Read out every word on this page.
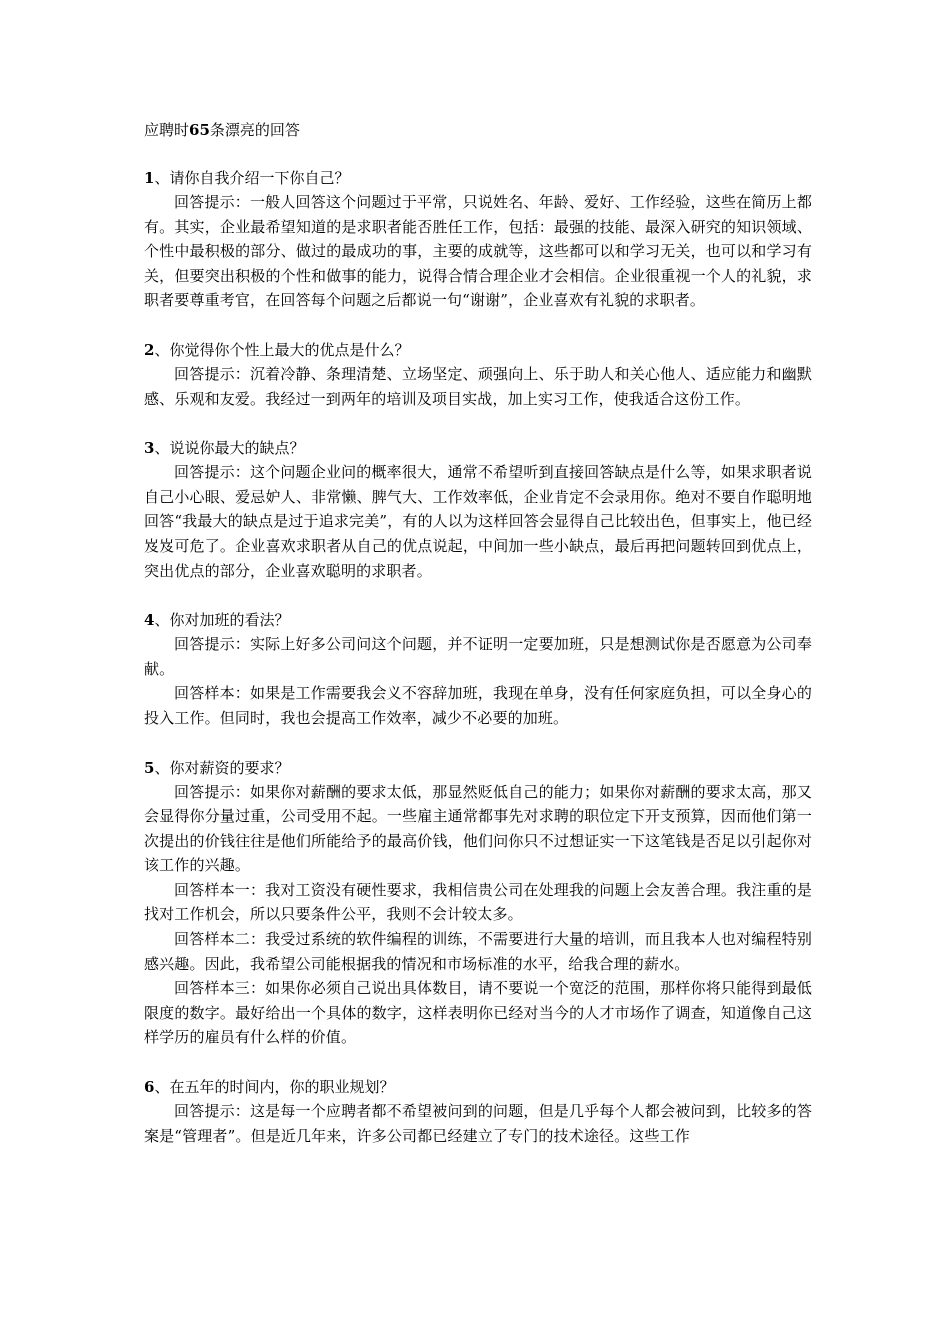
应聘时65条漂亮的回答

1、请你自我介绍一下你自己？

回答提示：一般人回答这个问题过于平常，只说姓名、年龄、爱好、工作经验，这些在简历上都有。其实，企业最希望知道的是求职者能否胜任工作，包括：最强的技能、最深入研究的知识领域、个性中最积极的部分、做过的最成功的事，主要的成就等，这些都可以和学习无关，也可以和学习有关，但要突出积极的个性和做事的能力，说得合情合理企业才会相信。企业很重视一个人的礼貌，求职者要尊重考官，在回答每个问题之后都说一句“谢谢”，企业喜欢有礼貌的求职者。

2、你觉得你个性上最大的优点是什么？

回答提示：沉着冷静、条理清楚、立场坚定、顽强向上、乐于助人和关心他人、适应能力和幽默感、乐观和友爱。我经过一到两年的培训及项目实战，加上实习工作，使我适合这份工作。

3、说说你最大的缺点？

回答提示：这个问题企业问的概率很大，通常不希望听到直接回答缺点是什么等，如果求职者说自己小心眼、爱忌妒人、非常懒、脾气大、工作效率低，企业肯定不会录用你。绝对不要自作聪明地回答“我最大的缺点是过于追求完美”，有的人以为这样回答会显得自己比较出色，但事实上，他已经岌岌可危了。企业喜欢求职者从自己的优点说起，中间加一些小缺点，最后再把问题转回到优点上，突出优点的部分，企业喜欢聪明的求职者。

4、你对加班的看法？

回答提示：实际上好多公司问这个问题，并不证明一定要加班，只是想测试你是否愿意为公司奉献。

回答样本：如果是工作需要我会义不容辞加班，我现在单身，没有任何家庭负担，可以全身心的投入工作。但同时，我也会提高工作效率，减少不必要的加班。

5、你对薪资的要求？

回答提示：如果你对薪酬的要求太低，那显然贬低自己的能力；如果你对薪酬的要求太高，那又会显得你分量过重，公司受用不起。一些雇主通常都事先对求聘的职位定下开支预算，因而他们第一次提出的价钱往往是他们所能给予的最高价钱，他们问你只不过想证实一下这笔钱是否足以引起你对该工作的兴趣。

回答样本一：我对工资没有硬性要求，我相信贵公司在处理我的问题上会友善合理。我注重的是找对工作机会，所以只要条件公平，我则不会计较太多。

回答样本二：我受过系统的软件编程的训练，不需要进行大量的培训，而且我本人也对编程特别感兴趣。因此，我希望公司能根据我的情况和市场标准的水平，给我合理的薪水。

回答样本三：如果你必须自己说出具体数目，请不要说一个宽泛的范围，那样你将只能得到最低限度的数字。最好给出一个具体的数字，这样表明你已经对当今的人才市场作了调查，知道像自己这样学历的雇员有什么样的价值。

6、在五年的时间内，你的职业规划？

回答提示：这是每一个应聘者都不希望被问到的问题，但是几乎每个人都会被问到，比较多的答案是“管理者”。但是近几年来，许多公司都已经建立了专门的技术途径。这些工作
